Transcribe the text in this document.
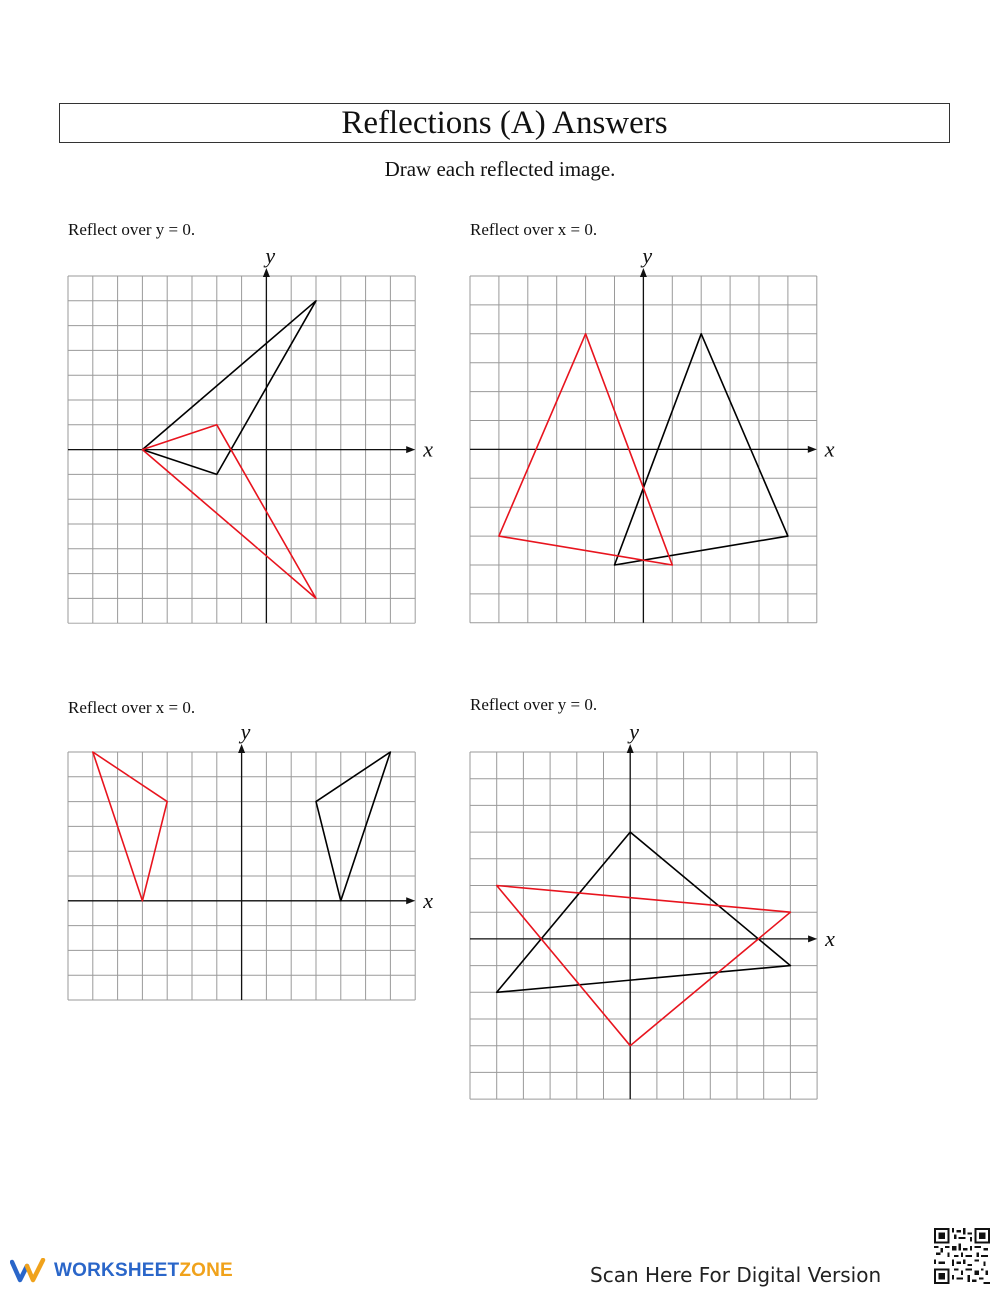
Reflections (A) Answers
Draw each reflected image.
Reflect over y = 0.
x
y
Reflect over x = 0.
x
y
Reflect over x = 0.
x
y
Reflect over y = 0.
x
y
WORKSHEETZONE	Scan Here For Digital Version
